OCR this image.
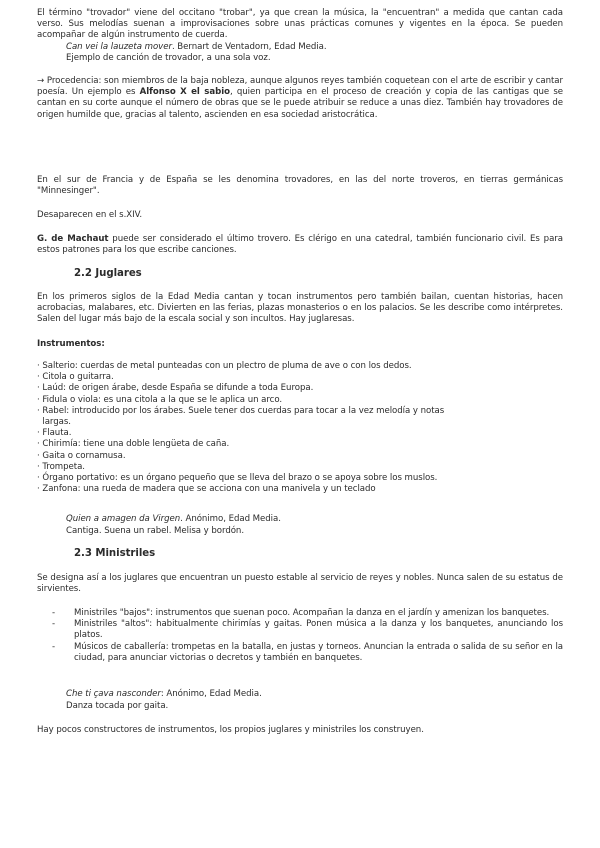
El término "trovador" viene del occitano "trobar", ya que crean la música, la "encuentran" a medida que cantan cada verso. Sus melodías suenan a improvisaciones sobre unas prácticas comunes y vigentes en la época. Se pueden acompañar de algún instrumento de cuerda.

Can vei la lauzeta mover. Bernart de Ventadorn, Edad Media.

Ejemplo de canción de trovador, a una sola voz.

→ Procedencia: son miembros de la baja nobleza, aunque algunos reyes también coquetean con el arte de escribir y cantar poesía. Un ejemplo es Alfonso X el sabio, quien participa en el proceso de creación y copia de las cantigas que se cantan en su corte aunque el número de obras que se le puede atribuir se reduce a unas diez. También hay trovadores de origen humilde que, gracias al talento, ascienden en esa sociedad aristocrática.

En el sur de Francia y de España se les denomina trovadores, en las del norte troveros, en tierras germánicas "Minnesinger".

Desaparecen en el s.XIV.

G. de Machaut puede ser considerado el último trovero. Es clérigo en una catedral, también funcionario civil. Es para estos patrones para los que escribe canciones.

2.2 Juglares

En los primeros siglos de la Edad Media cantan y tocan instrumentos pero también bailan, cuentan historias, hacen acrobacias, malabares, etc. Divierten en las ferias, plazas monasterios o en los palacios. Se les describe como intérpretes. Salen del lugar más bajo de la escala social y son incultos. Hay juglaresas.

Instrumentos:

· Salterio: cuerdas de metal punteadas con un plectro de pluma de ave o con los dedos.
· Citola o guitarra.
· Laúd: de origen árabe, desde España se difunde a toda Europa.
· Fidula o viola: es una citola a la que se le aplica un arco.
· Rabel: introducido por los árabes. Suele tener dos cuerdas para tocar a la vez melodía y notas
largas.
· Flauta.
· Chirimía: tiene una doble lengüeta de caña.
· Gaita o cornamusa.
· Trompeta.
· Órgano portativo: es un órgano pequeño que se lleva del brazo o se apoya sobre los muslos.
· Zanfona: una rueda de madera que se acciona con una manivela y un teclado

Quien a amagen da Virgen. Anónimo, Edad Media.

Cantiga. Suena un rabel. Melisa y bordón.

2.3 Ministriles

Se designa así a los juglares que encuentran un puesto estable al servicio de reyes y nobles. Nunca salen de su estatus de sirvientes.

- Ministriles "bajos": instrumentos que suenan poco. Acompañan la danza en el jardín y amenizan los banquetes.
- Ministriles "altos": habitualmente chirimías y gaitas. Ponen música a la danza y los banquetes, anunciando los platos.
- Músicos de caballería: trompetas en la batalla, en justas y torneos. Anuncian la entrada o salida de su señor en la ciudad, para anunciar victorias o decretos y también en banquetes.

Che ti çava nasconder: Anónimo, Edad Media.

Danza tocada por gaita.

Hay pocos constructores de instrumentos, los propios juglares y ministriles los construyen.
